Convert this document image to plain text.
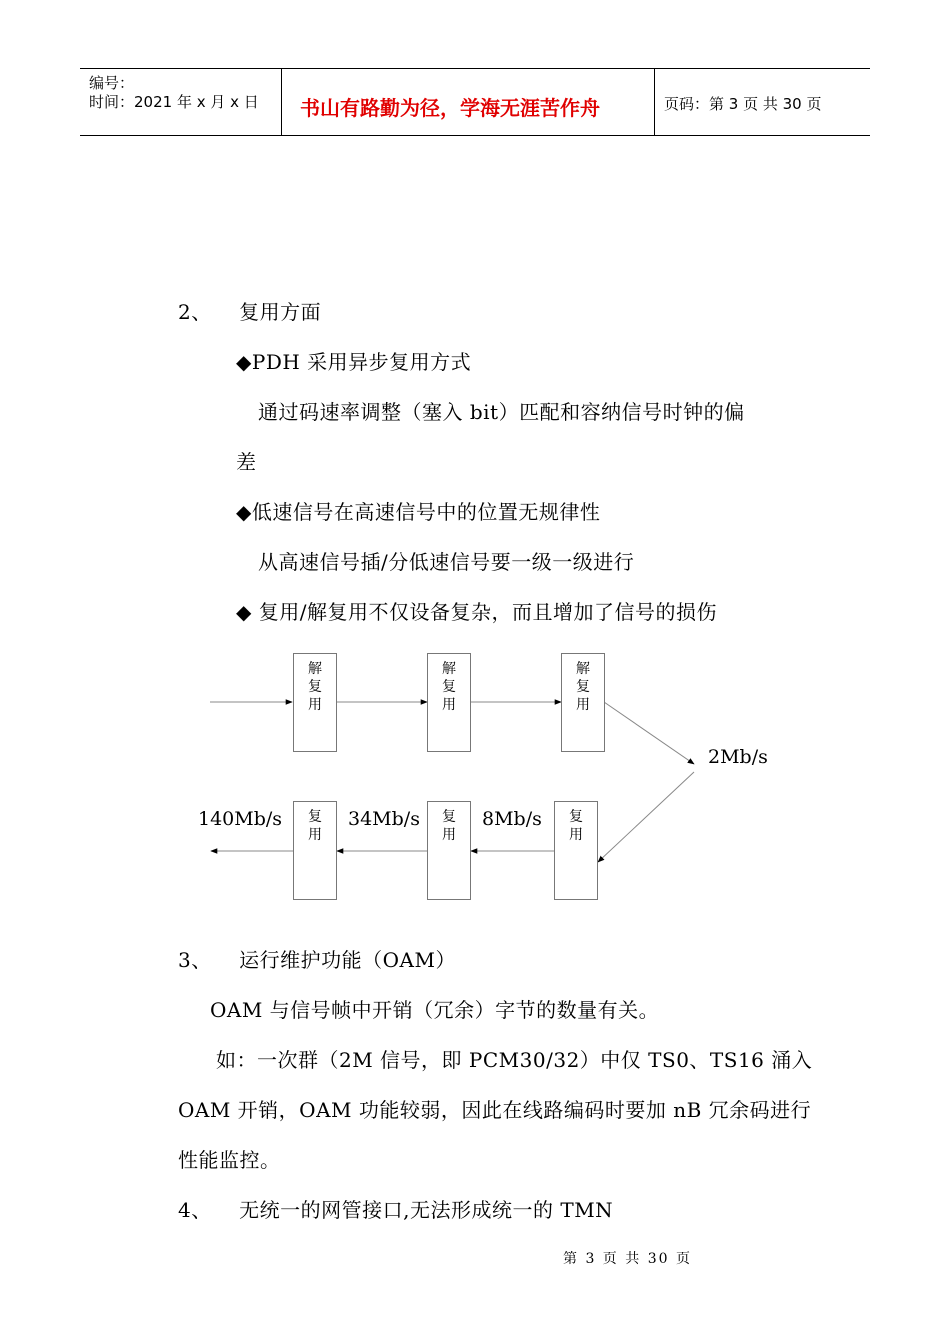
编号：
时间：2021 年 x 月 x 日 书山有路勤为径，学海无涯苦作舟	页码：第 3 页 共 30 页
2、    复用方面
◆PDH 采用异步复用方式
通过码速率调整（塞入 bit）匹配和容纳信号时钟的偏
差
◆低速信号在高速信号中的位置无规律性
从高速信号插/分低速信号要一级一级进行
◆ 复用/解复用不仅设备复杂，而且增加了信号的损伤
解
复
用
解
复
用
解
复
用
复
用
复
用
复
用
140Mb/s	34Mb/s	8Mb/s
2Mb/s
3、    运行维护功能（OAM）
OAM 与信号帧中开销（冗余）字节的数量有关。
如：一次群（2M 信号，即 PCM30/32）中仅 TS0、TS16 涌入
OAM 开销，OAM 功能较弱，因此在线路编码时要加 nB 冗余码进行
性能监控。
4、    无统一的网管接口,无法形成统一的 TMN
第 3 页 共 30 页
